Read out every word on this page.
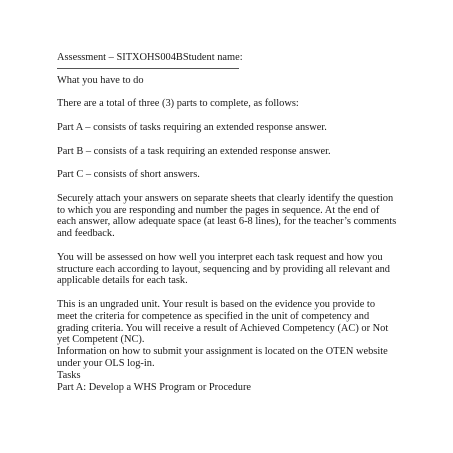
Assessment – SITXOHS004BStudent name:

What you have to do

There are a total of three (3) parts to complete, as follows:

Part A – consists of tasks requiring an extended response answer.

Part B – consists of a task requiring an extended response answer.

Part C – consists of short answers.

Securely attach your answers on separate sheets that clearly identify the question to which you are responding and number the pages in sequence. At the end of each answer, allow adequate space (at least 6-8 lines), for the teacher’s comments and feedback.

You will be assessed on how well you interpret each task request and how you structure each according to layout, sequencing and by providing all relevant and applicable details for each task.

This is an ungraded unit. Your result is based on the evidence you provide to meet the criteria for competence as specified in the unit of competency and grading criteria. You will receive a result of Achieved Competency (AC) or Not yet Competent (NC).

Information on how to submit your assignment is located on the OTEN website under your OLS log-in.

Tasks

Part A: Develop a WHS Program or Procedure
